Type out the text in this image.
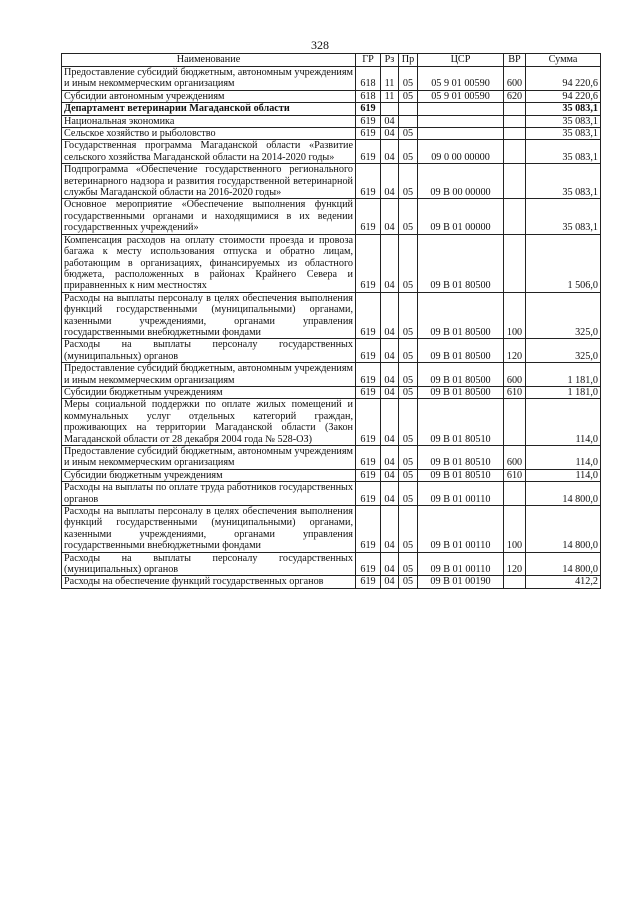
328
Наименование	ГР	Рз	Пр	ЦСР	ВР	Сумма
Предоставление субсидий бюджетным, автономным учреждениям и иным некоммерческим организациям	618	11	05	05 9 01 00590	600	94 220,6
Субсидии автономным учреждениям	618	11	05	05 9 01 00590	620	94 220,6
Департамент ветеринарии Магаданской области	619					35 083,1
Национальная экономика	619	04				35 083,1
Сельское хозяйство и рыболовство	619	04	05			35 083,1
Государственная программа Магаданской области «Развитие сельского хозяйства Магаданской области на 2014-2020 годы»	619	04	05	09 0 00 00000		35 083,1
Подпрограмма «Обеспечение государственного регионального ветеринарного надзора и развития государственной ветеринарной службы Магаданской области на 2016-2020 годы»	619	04	05	09 В 00 00000		35 083,1
Основное мероприятие «Обеспечение выполнения функций государственными органами и находящимися в их ведении государственных учреждений»	619	04	05	09 В 01 00000		35 083,1
Компенсация расходов на оплату стоимости проезда и провоза багажа к месту использования отпуска и обратно лицам, работающим в организациях, финансируемых из областного бюджета, расположенных в районах Крайнего Севера и приравненных к ним местностях	619	04	05	09 В 01 80500		1 506,0
Расходы на выплаты персоналу в целях обеспечения выполнения функций государственными (муниципальными) органами, казенными учреждениями, органами управления государственными внебюджетными фондами	619	04	05	09 В 01 80500	100	325,0
Расходы на выплаты персоналу государственных (муниципальных) органов	619	04	05	09 В 01 80500	120	325,0
Предоставление субсидий бюджетным, автономным учреждениям и иным некоммерческим организациям	619	04	05	09 В 01 80500	600	1 181,0
Субсидии бюджетным учреждениям	619	04	05	09 В 01 80500	610	1 181,0
Меры социальной поддержки по оплате жилых помещений и коммунальных услуг отдельных категорий граждан, проживающих на территории Магаданской области (Закон Магаданской области от 28 декабря 2004 года № 528-ОЗ)	619	04	05	09 В 01 80510		114,0
Предоставление субсидий бюджетным, автономным учреждениям и иным некоммерческим организациям	619	04	05	09 В 01 80510	600	114,0
Субсидии бюджетным учреждениям	619	04	05	09 В 01 80510	610	114,0
Расходы на выплаты по оплате труда работников государственных органов	619	04	05	09 В 01 00110		14 800,0
Расходы на выплаты персоналу в целях обеспечения выполнения функций государственными (муниципальными) органами, казенными учреждениями, органами управления государственными внебюджетными фондами	619	04	05	09 В 01 00110	100	14 800,0
Расходы на выплаты персоналу государственных (муниципальных) органов	619	04	05	09 В 01 00110	120	14 800,0
Расходы на обеспечение функций государственных органов	619	04	05	09 В 01 00190		412,2
